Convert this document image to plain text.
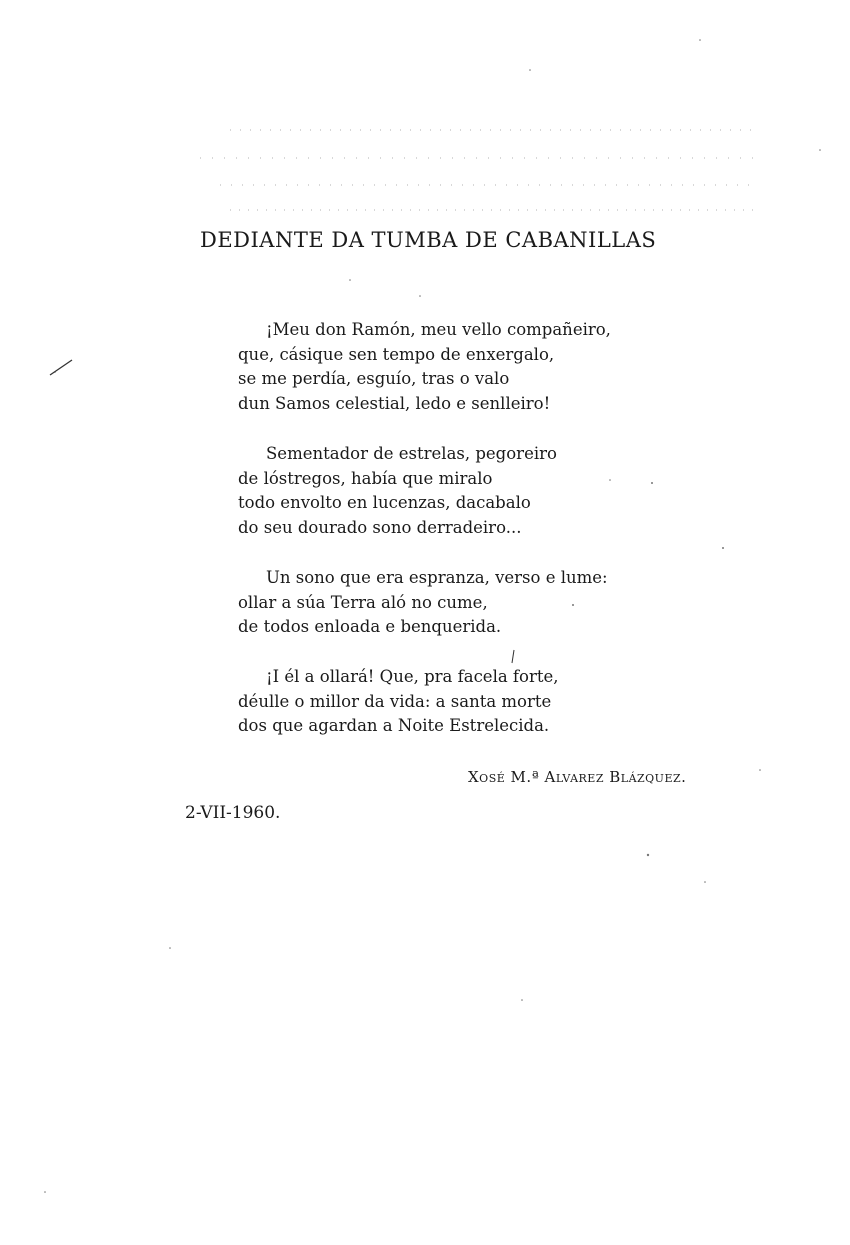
DEDIANTE DA TUMBA DE CABANILLAS
¡Meu don Ramón, meu vello compañeiro,
que, cásique sen tempo de enxergalo,
se me perdía, esguío, tras o valo
dun Samos celestial, ledo e senlleiro!
Sementador de estrelas, pegoreiro
de lóstregos, había que miralo
todo envolto en lucenzas, dacabalo
do seu dourado sono derradeiro...
Un sono que era espranza, verso e lume:
ollar a súa Terra aló no cume,
de todos enloada e benquerida.
¡I él a ollará! Que, pra facela forte,
déulle o millor da vida: a santa morte
dos que agardan a Noite Estrelecida.
Xosé M.ª Alvarez Blázquez.
2-VII-1960.
